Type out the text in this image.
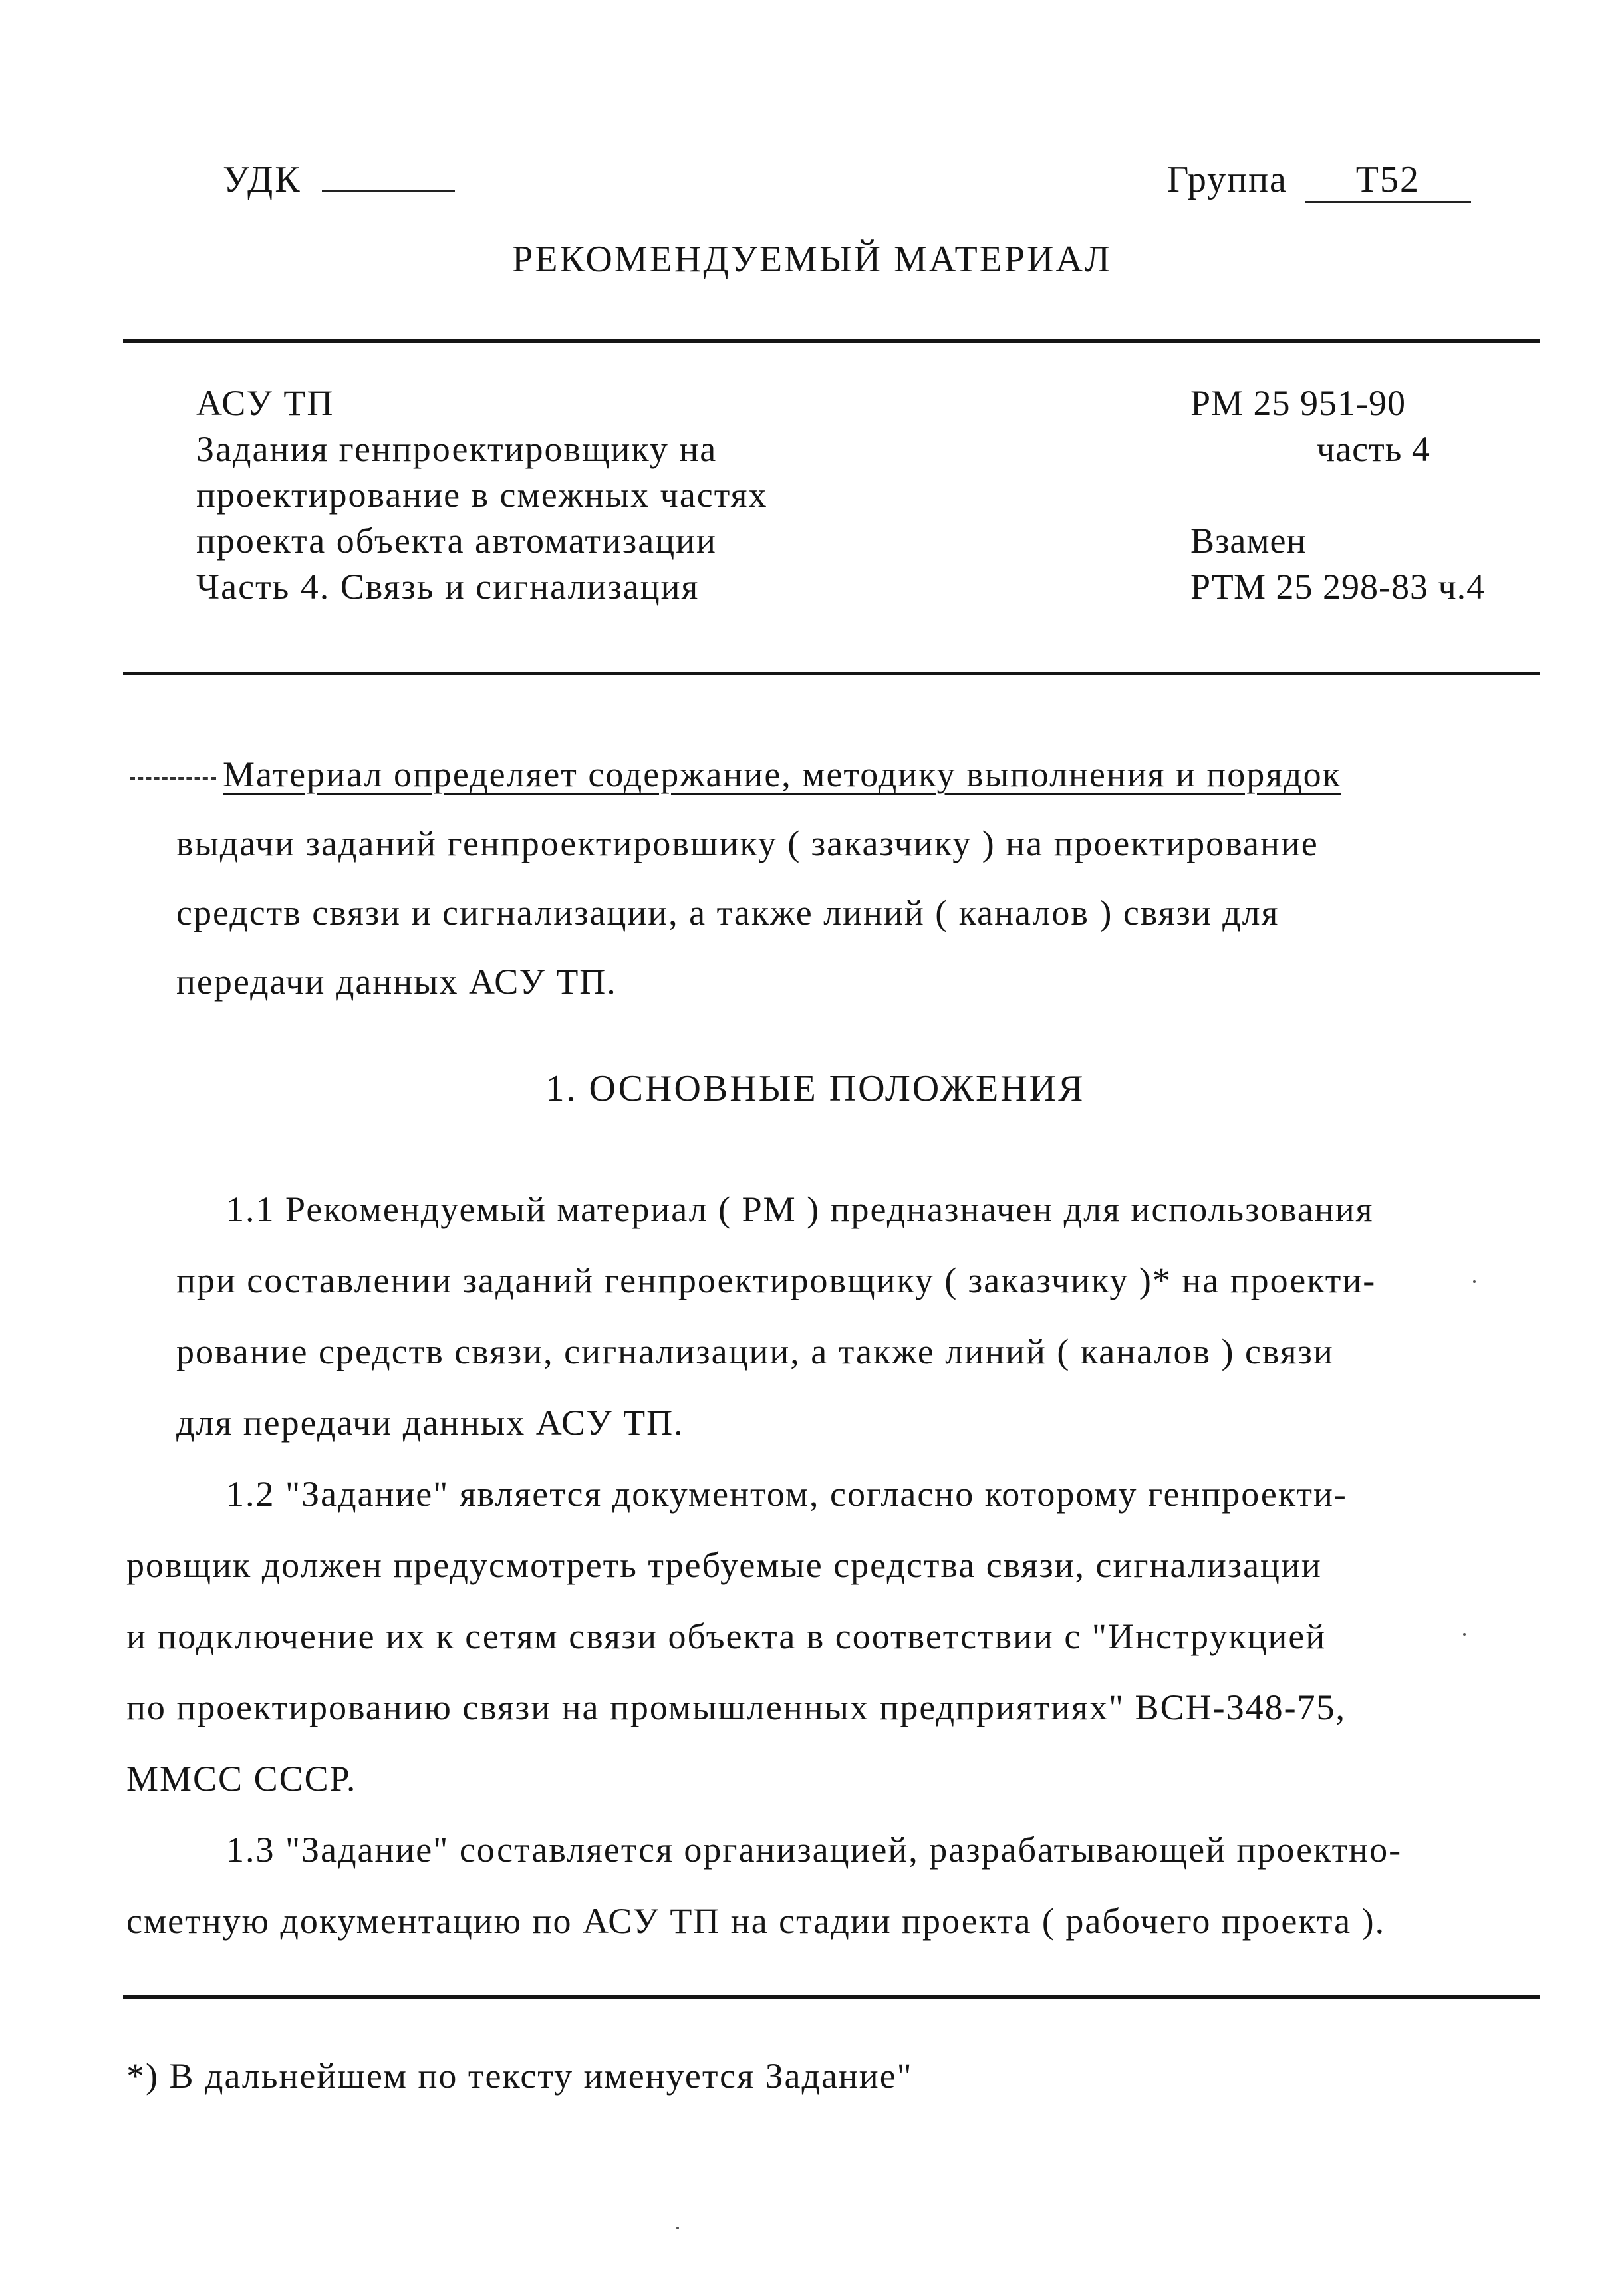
УДК	Группа Т52
РЕКОМЕНДУЕМЫЙ МАТЕРИАЛ
АСУ ТП
Задания генпроектировщику на
проектирование в смежных частях
проекта объекта автоматизации
Часть 4. Связь и сигнализация
РМ 25 951-90
часть 4
Взамен
РТМ 25 298-83 ч.4
Материал определяет содержание, методику выполнения и порядок
выдачи заданий генпроектировшику ( заказчику ) на проектирование
средств связи и сигнализации, а также линий ( каналов ) связи для
передачи данных АСУ ТП.
1. ОСНОВНЫЕ ПОЛОЖЕНИЯ
1.1 Рекомендуемый материал ( РМ ) предназначен для использования
при составлении заданий генпроектировщику ( заказчику )* на проекти-
рование средств связи, сигнализации, а также линий ( каналов ) связи
для передачи данных АСУ ТП.
1.2 "Задание" является документом, согласно которому генпроекти-
ровщик должен предусмотреть требуемые средства связи, сигнализации
и подключение их к сетям связи объекта в соответствии с "Инструкцией
по проектированию связи на промышленных предприятиях" ВСН-348-75,
ММСС СССР.
1.3 "Задание" составляется организацией, разрабатывающей проектно-
сметную документацию по АСУ ТП на стадии проекта ( рабочего проекта ).
*) В дальнейшем по тексту именуется Задание"
